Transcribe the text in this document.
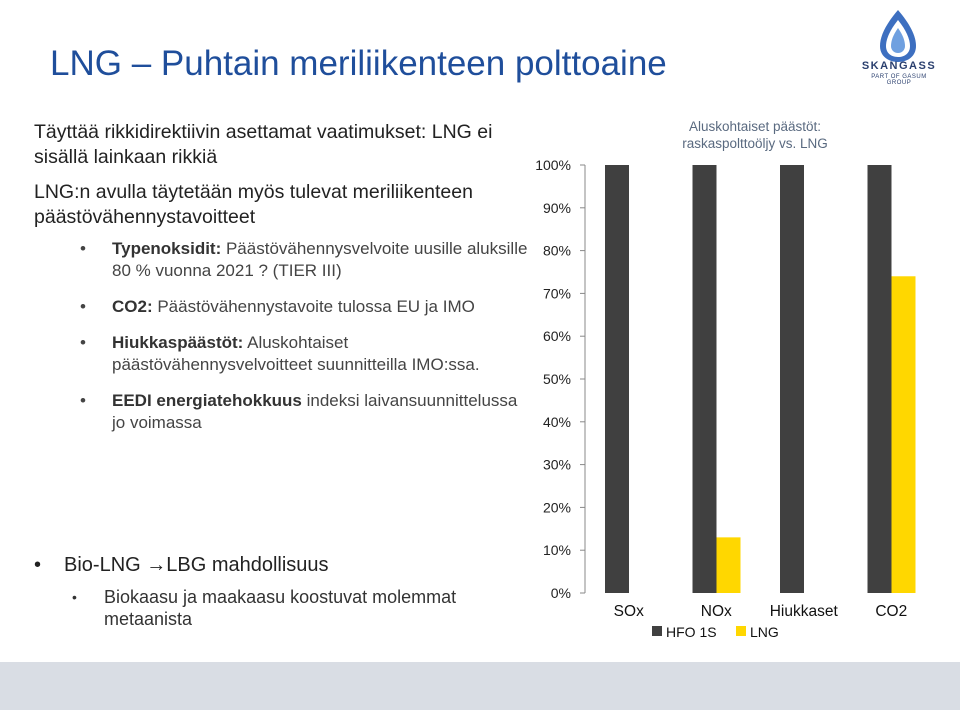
LNG – Puhtain meriliikenteen polttoaine	SKANGASS
PART OF GASUM GROUP

Täyttää rikkidirektiivin asettamat vaatimukset: LNG ei sisällä lainkaan rikkiä

LNG:n avulla täytetään myös tulevat meriliikenteen päästövähennystavoitteet

• Typenoksidit: Päästövähennysvelvoite uusille aluksille 80 % vuonna 2021 ? (TIER III)
• CO2: Päästövähennystavoite tulossa EU ja IMO
• Hiukkaspäästöt: Aluskohtaiset päästövähennysvelvoitteet suunnitteilla IMO:ssa.
• EEDI energiatehokkuus indeksi laivansuunnittelussa jo voimassa
• Bio-LNG →LBG mahdollisuus
• Biokaasu ja maakaasu koostuvat molemmat metaanista
Aluskohtaiset päästöt: raskaspolttoöljy vs. LNG
0%
10%
20%
30%
40%
50%
60%
70%
80%
90%
100%
SOx	NOx Hiukkaset CO2
HFO 1S LNG
